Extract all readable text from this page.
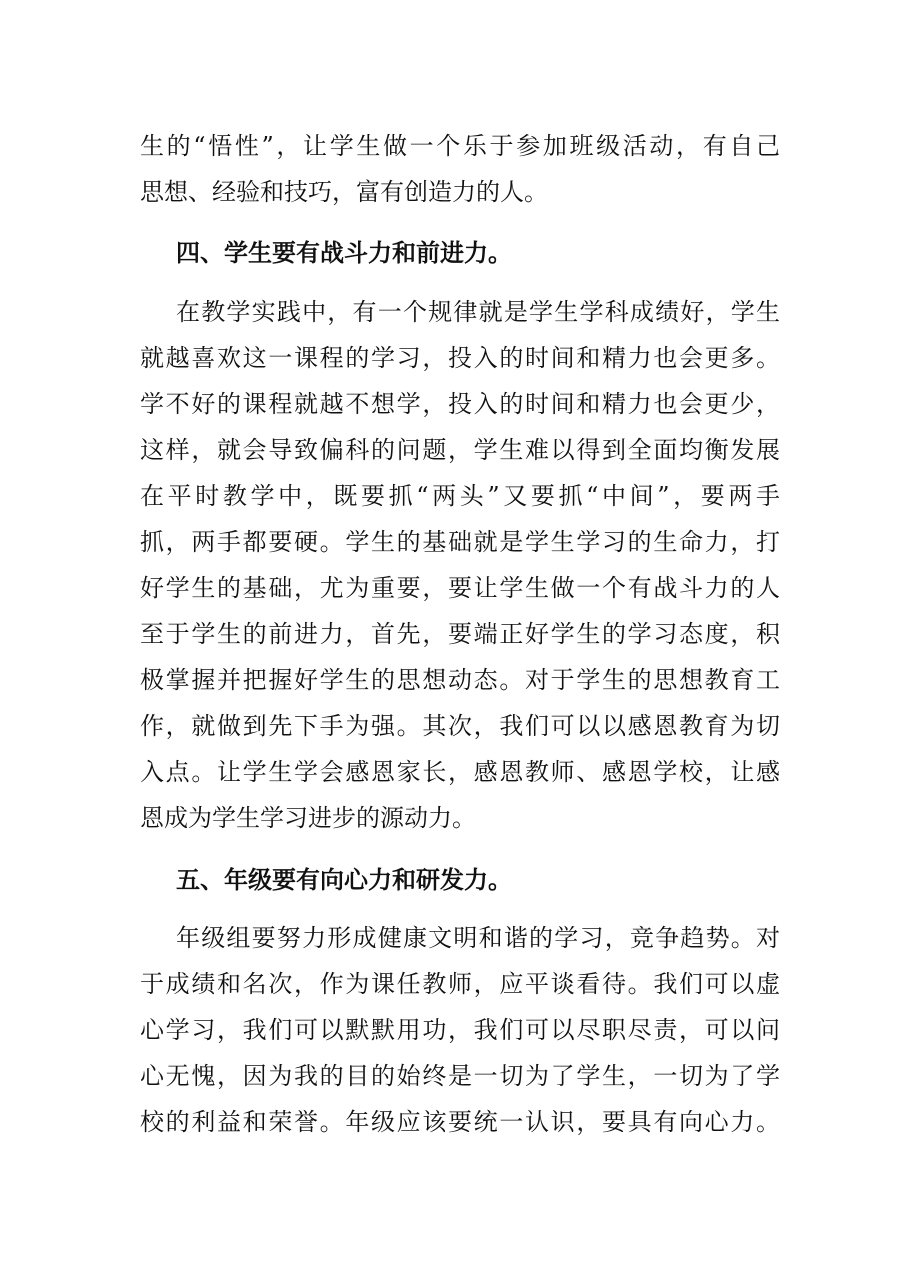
生的“悟性”，让学生做一个乐于参加班级活动，有自己
思想、经验和技巧，富有创造力的人。
四、学生要有战斗力和前进力。
在教学实践中，有一个规律就是学生学科成绩好，学生
就越喜欢这一课程的学习，投入的时间和精力也会更多。
学不好的课程就越不想学，投入的时间和精力也会更少，
这样，就会导致偏科的问题，学生难以得到全面均衡发展
在平时教学中，既要抓“两头”又要抓“中间”，要两手
抓，两手都要硬。学生的基础就是学生学习的生命力，打
好学生的基础，尤为重要，要让学生做一个有战斗力的人
至于学生的前进力，首先，要端正好学生的学习态度，积
极掌握并把握好学生的思想动态。对于学生的思想教育工
作，就做到先下手为强。其次，我们可以以感恩教育为切
入点。让学生学会感恩家长，感恩教师、感恩学校，让感
恩成为学生学习进步的源动力。
五、年级要有向心力和研发力。
年级组要努力形成健康文明和谐的学习，竞争趋势。对
于成绩和名次，作为课任教师，应平谈看待。我们可以虚
心学习，我们可以默默用功，我们可以尽职尽责，可以问
心无愧，因为我的目的始终是一切为了学生，一切为了学
校的利益和荣誉。年级应该要统一认识，要具有向心力。
